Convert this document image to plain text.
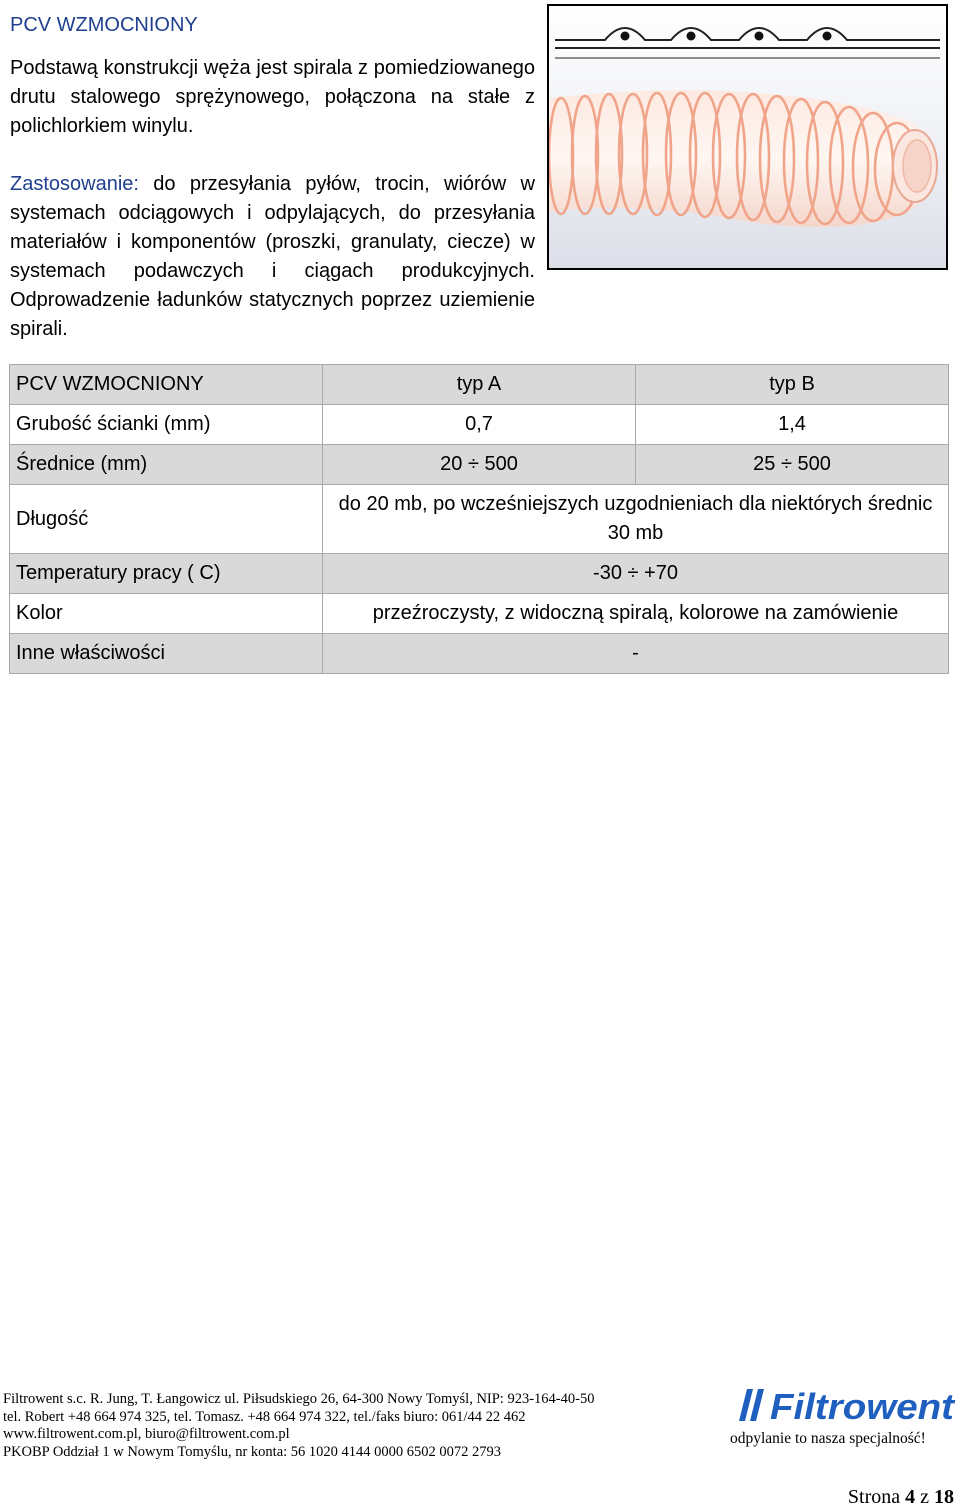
PCV WZMOCNIONY

Podstawą konstrukcji węża jest spirala z pomiedziowanego drutu stalowego sprężynowego, połączona na stałe z polichlorkiem winylu.

Zastosowanie: do przesyłania pyłów, trocin, wiórów w systemach odciągowych i odpylających, do przesyłania materiałów i komponentów (proszki, granulaty, ciecze) w systemach podawczych i ciągach produkcyjnych. Odprowadzenie ładunków statycznych poprzez uziemienie spirali.

PCV WZMOCNIONY	typ A	typ B
Grubość ścianki (mm)	0,7	1,4
Średnice (mm)	20 ÷ 500	25 ÷ 500
Długość	do 20 mb, po wcześniejszych uzgodnieniach dla niektórych średnic 30 mb	
Temperatury pracy ( C)	-30 ÷ +70	
Kolor	przeźroczysty, z widoczną spiralą, kolorowe na zamówienie	
Inne właściwości	-	
Filtrowent s.c. R. Jung, T. Łangowicz ul. Piłsudskiego 26, 64-300 Nowy Tomyśl, NIP: 923-164-40-50
tel. Robert +48 664 974 325, tel. Tomasz. +48 664 974 322, tel./faks biuro: 061/44 22 462
www.filtrowent.com.pl, biuro@filtrowent.com.pl
PKOBP Oddział 1 w Nowym Tomyślu, nr konta: 56 1020 4144 0000 6502 0072 2793
Filtrowent
odpylanie to nasza specjalność!
Strona 4 z 18
